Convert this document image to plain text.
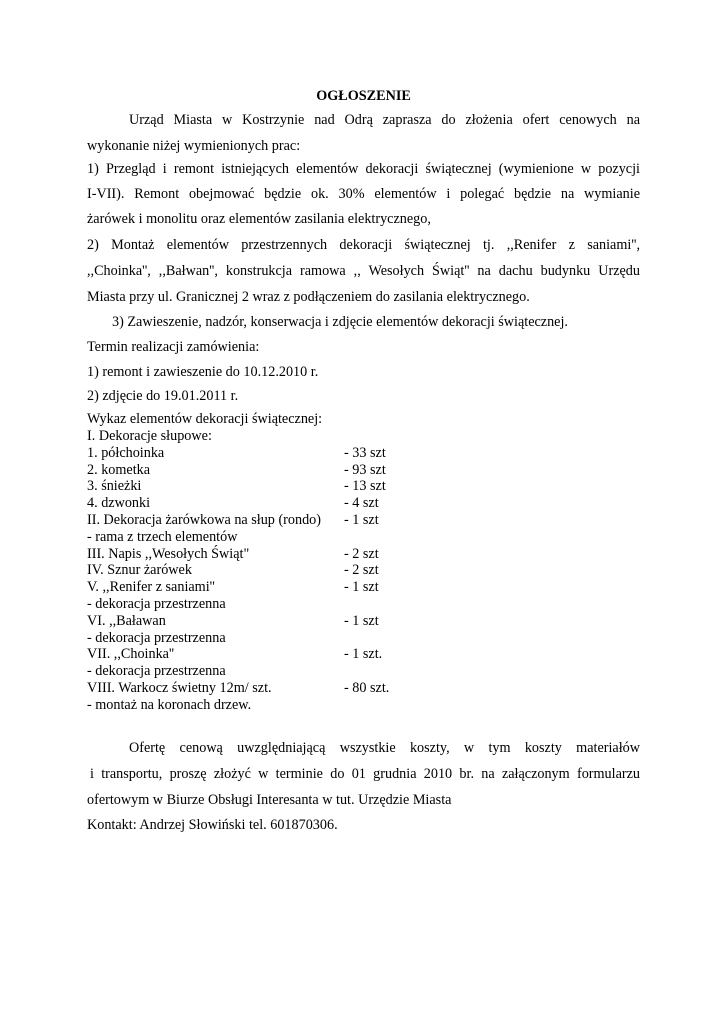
OGŁOSZENIE
Urząd Miasta w Kostrzynie nad Odrą zaprasza do złożenia ofert cenowych na
wykonanie niżej wymienionych prac:
1) Przegląd i remont istniejących elementów dekoracji świątecznej (wymienione w pozycji
I-VII). Remont obejmować będzie ok. 30% elementów i polegać będzie na wymianie
żarówek i monolitu oraz elementów zasilania elektrycznego,
2) Montaż elementów przestrzennych dekoracji świątecznej tj. ,,Renifer z saniami'',
,,Choinka'', ,,Bałwan'', konstrukcja ramowa ,, Wesołych Świąt'' na dachu budynku Urzędu
Miasta przy ul. Granicznej 2 wraz z podłączeniem do zasilania elektrycznego.
3) Zawieszenie, nadzór, konserwacja i zdjęcie elementów dekoracji świątecznej.
Termin realizacji zamówienia:
1) remont i zawieszenie do 10.12.2010 r.
2) zdjęcie do 19.01.2011 r.
Wykaz elementów dekoracji świątecznej:
I. Dekoracje słupowe:
1. półchoinka	- 33 szt
2. kometka	- 93 szt
3. śnieżki	- 13 szt
4. dzwonki	- 4 szt
II. Dekoracja żarówkowa na słup (rondo) - 1 szt
- rama z trzech elementów
III. Napis ,,Wesołych Świąt"	- 2 szt
IV. Sznur żarówek	- 2 szt
V. ,,Renifer z saniami''	- 1 szt
- dekoracja przestrzenna
VI. ,,Baławan	- 1 szt
- dekoracja przestrzenna
VII. ,,Choinka''	- 1 szt.
- dekoracja przestrzenna
VIII. Warkocz świetny 12m/ szt.	- 80 szt.
- montaż na koronach drzew.
Ofertę cenową uwzględniającą wszystkie koszty, w tym koszty materiałów
i transportu, proszę złożyć w terminie do 01 grudnia 2010 br. na załączonym formularzu
ofertowym w Biurze Obsługi Interesanta w tut. Urzędzie Miasta
Kontakt: Andrzej Słowiński tel. 601870306.
